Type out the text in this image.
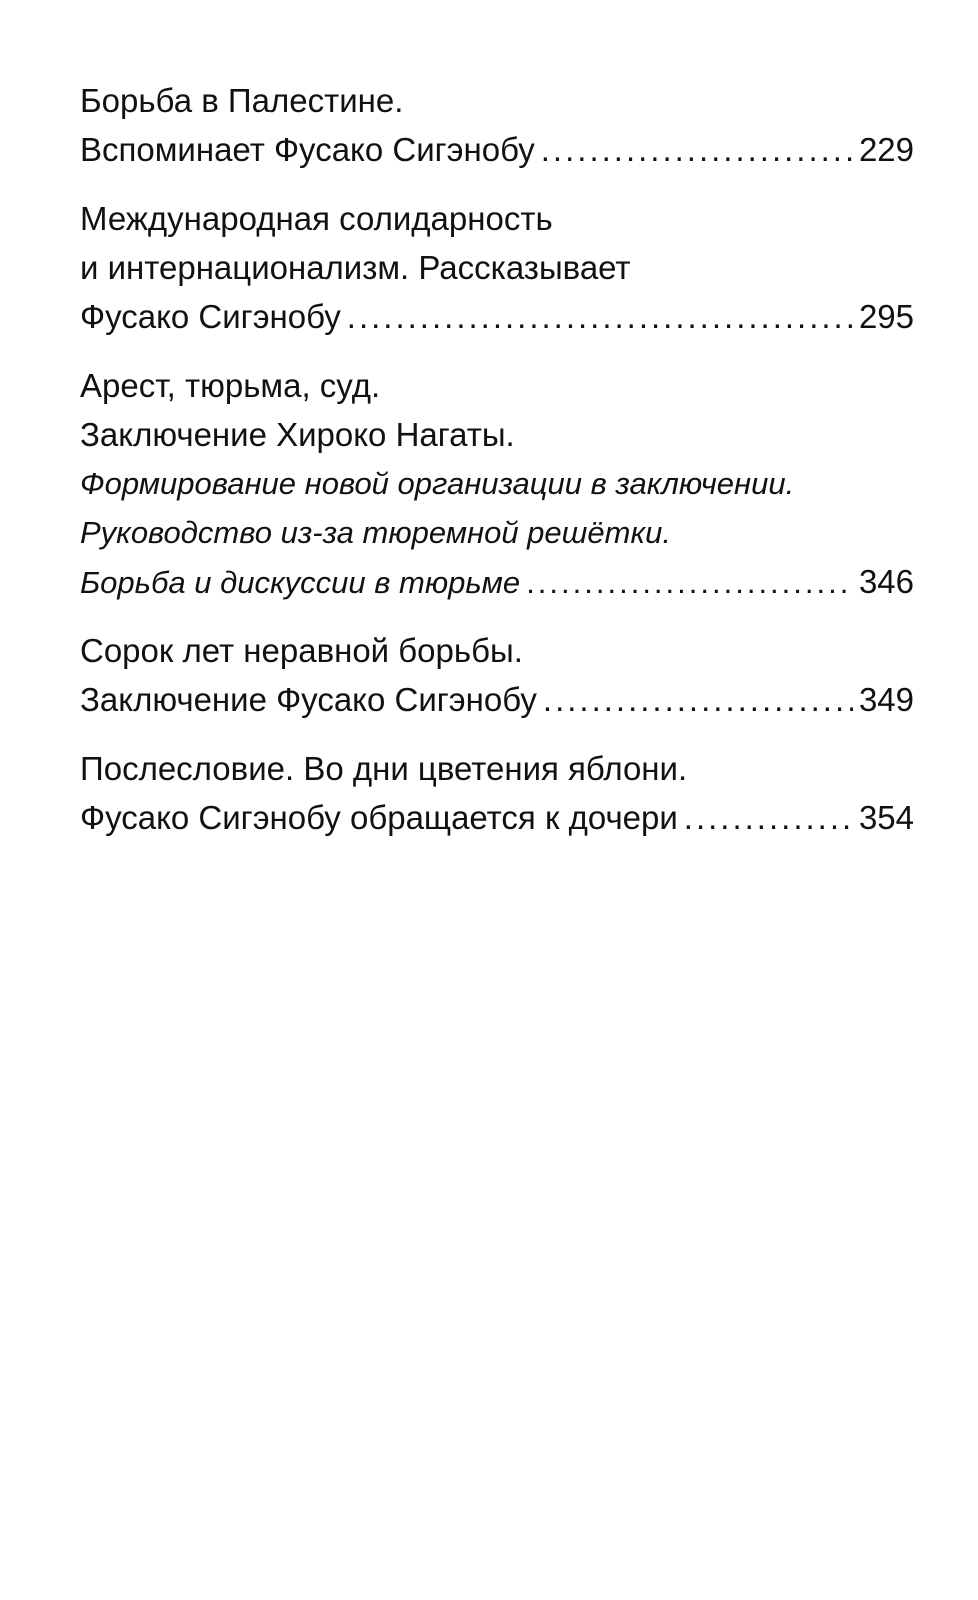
Борьба в Палестине.
Вспоминает Фусако Сигэнобу .....	229
Международная солидарность
и интернационализм. Рассказывает
Фусако Сигэнобу .....	295
Арест, тюрьма, суд.
Заключение Хироко Нагаты.
Формирование новой организации в заключении.
Руководство из-за тюремной решётки.
Борьба и дискуссии в тюрьме .....	346
Сорок лет неравной борьбы.
Заключение Фусако Сигэнобу .....	349
Послесловие. Во дни цветения яблони.
Фусако Сигэнобу обращается к дочери .....	354
